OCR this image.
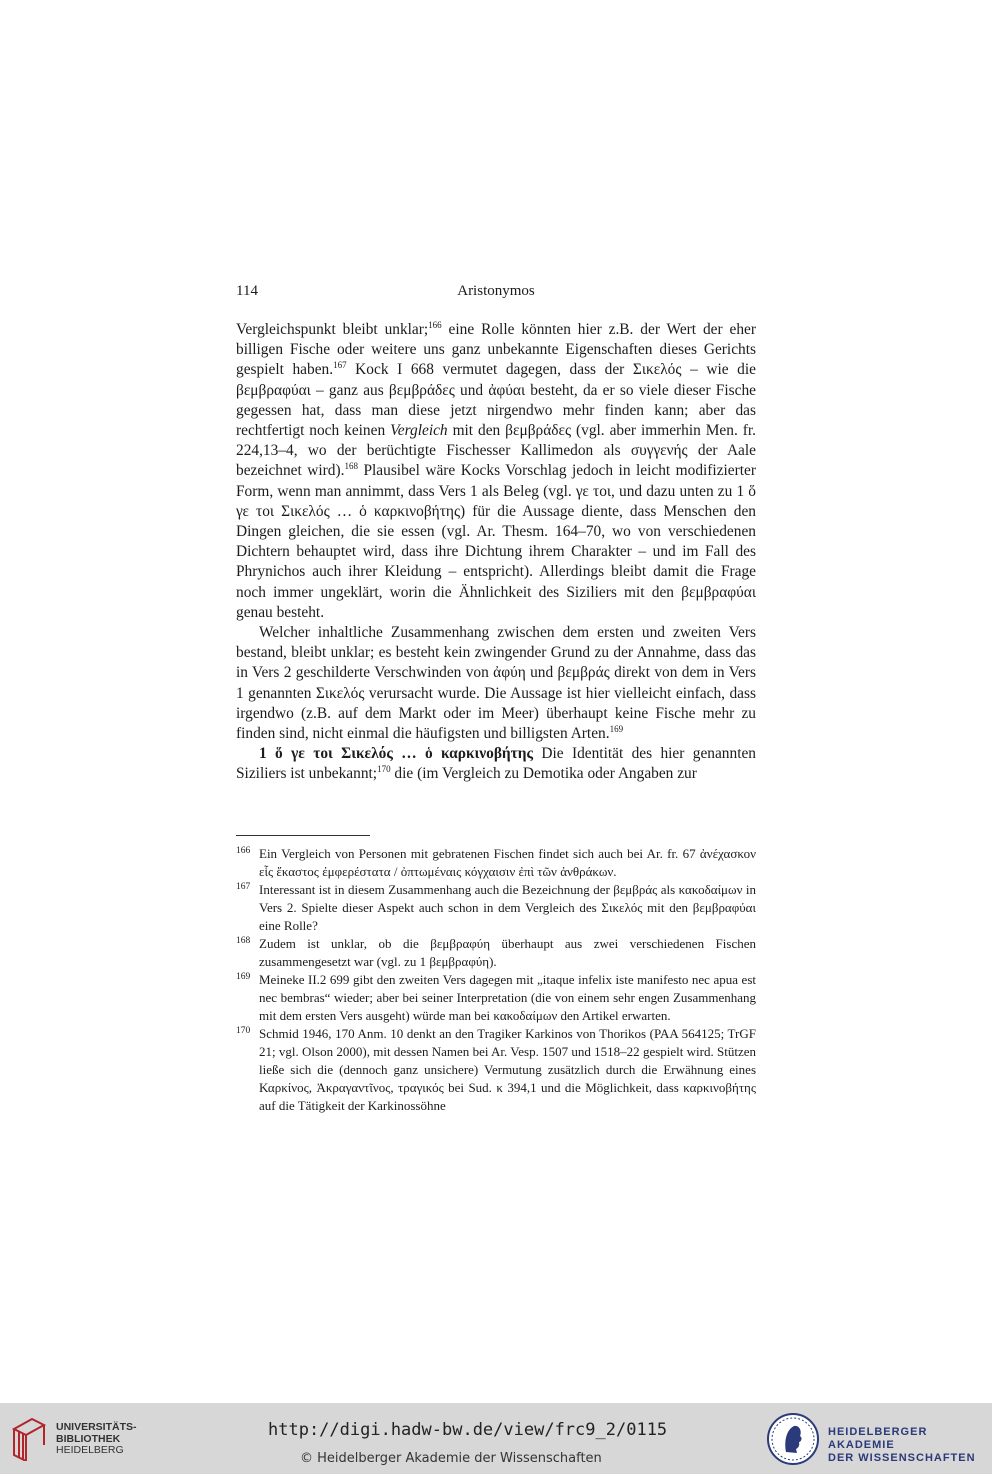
114	Aristonymos

Vergleichspunkt bleibt unklar;$^{166}$ eine Rolle könnten hier z.B. der Wert der eher billigen Fische oder weitere uns ganz unbekannte Eigenschaften dieses Gerichts gespielt haben.$^{167}$ Kock I 668 vermutet dagegen, dass der Σικελός – wie die βεμβραφύαι – ganz aus βεμβράδες und ἀφύαι besteht, da er so viele dieser Fische gegessen hat, dass man diese jetzt nirgendwo mehr finden kann; aber das rechtfertigt noch keinen Vergleich mit den βεμβράδες (vgl. aber immerhin Men. fr. 224,13–4, wo der berüchtigte Fischesser Kallimedon als συγγενής der Aale bezeichnet wird).$^{168}$ Plausibel wäre Kocks Vorschlag jedoch in leicht modifizierter Form, wenn man annimmt, dass Vers 1 als Beleg (vgl. γε τοι, und dazu unten zu 1 ὅ γε τοι Σικελός … ὁ καρκινοβήτης) für die Aussage diente, dass Menschen den Dingen gleichen, die sie essen (vgl. Ar. Thesm. 164–70, wo von verschiedenen Dichtern behauptet wird, dass ihre Dichtung ihrem Charakter – und im Fall des Phrynichos auch ihrer Kleidung – entspricht). Allerdings bleibt damit die Frage noch immer ungeklärt, worin die Ähnlichkeit des Siziliers mit den βεμβραφύαι genau besteht.

Welcher inhaltliche Zusammenhang zwischen dem ersten und zweiten Vers bestand, bleibt unklar; es besteht kein zwingender Grund zu der Annahme, dass das in Vers 2 geschilderte Verschwinden von ἀφύη und βεμβράς direkt von dem in Vers 1 genannten Σικελός verursacht wurde. Die Aussage ist hier vielleicht einfach, dass irgendwo (z.B. auf dem Markt oder im Meer) überhaupt keine Fische mehr zu finden sind, nicht einmal die häufigsten und billigsten Arten.$^{169}$

1 ὅ γε τοι Σικελός … ὁ καρκινοβήτης Die Identität des hier genannten Siziliers ist unbekannt;$^{170}$ die (im Vergleich zu Demotika oder Angaben zur

166 Ein Vergleich von Personen mit gebratenen Fischen findet sich auch bei Ar. fr. 67 ἀνέχασκον εἷς ἕκαστος ἐμφερέστατα / ὀπτωμέναις κόγχαισιν ἐπὶ τῶν ἀνθράκων.

167 Interessant ist in diesem Zusammenhang auch die Bezeichnung der βεμβράς als κακοδαίμων in Vers 2. Spielte dieser Aspekt auch schon in dem Vergleich des Σικελός mit den βεμβραφύαι eine Rolle?

168 Zudem ist unklar, ob die βεμβραφύη überhaupt aus zwei verschiedenen Fischen zusammengesetzt war (vgl. zu 1 βεμβραφύη).

169 Meineke II.2 699 gibt den zweiten Vers dagegen mit „itaque infelix iste manifesto nec apua est nec bembras“ wieder; aber bei seiner Interpretation (die von einem sehr engen Zusammenhang mit dem ersten Vers ausgeht) würde man bei κακοδαίμων den Artikel erwarten.

170 Schmid 1946, 170 Anm. 10 denkt an den Tragiker Karkinos von Thorikos (PAA 564125; TrGF 21; vgl. Olson 2000), mit dessen Namen bei Ar. Vesp. 1507 und 1518–22 gespielt wird. Stützen ließe sich die (dennoch ganz unsichere) Vermutung zusätzlich durch die Erwähnung eines Καρκίνος, Ἀκραγαντῖνος, τραγικός bei Sud. κ 394,1 und die Möglichkeit, dass καρκινοβήτης auf die Tätigkeit der Karkinossöhne

UNIVERSITÄTS-
BIBLIOTHEK
HEIDELBERG
http://digi.hadw-bw.de/view/frc9_2/0115
© Heidelberger Akademie der Wissenschaften
HEIDELBERGER AKADEMIE
DER WISSENSCHAFTEN
